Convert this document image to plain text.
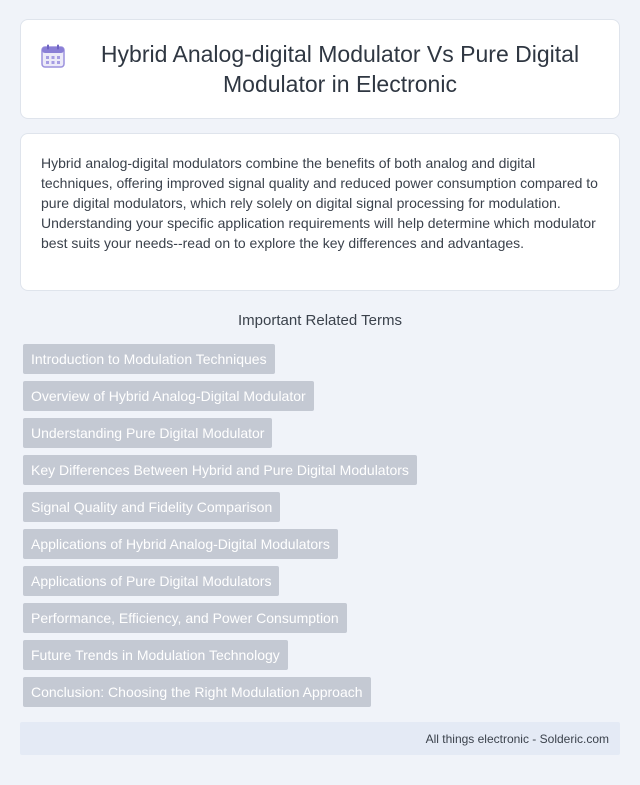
Hybrid Analog-digital Modulator Vs Pure Digital Modulator in Electronic

Hybrid analog-digital modulators combine the benefits of both analog and digital techniques, offering improved signal quality and reduced power consumption compared to pure digital modulators, which rely solely on digital signal processing for modulation. Understanding your specific application requirements will help determine which modulator best suits your needs--read on to explore the key differences and advantages.

Important Related Terms
Introduction to Modulation Techniques
Overview of Hybrid Analog-Digital Modulator
Understanding Pure Digital Modulator
Key Differences Between Hybrid and Pure Digital Modulators
Signal Quality and Fidelity Comparison
Applications of Hybrid Analog-Digital Modulators
Applications of Pure Digital Modulators
Performance, Efficiency, and Power Consumption
Future Trends in Modulation Technology
Conclusion: Choosing the Right Modulation Approach
All things electronic - Solderic.com
